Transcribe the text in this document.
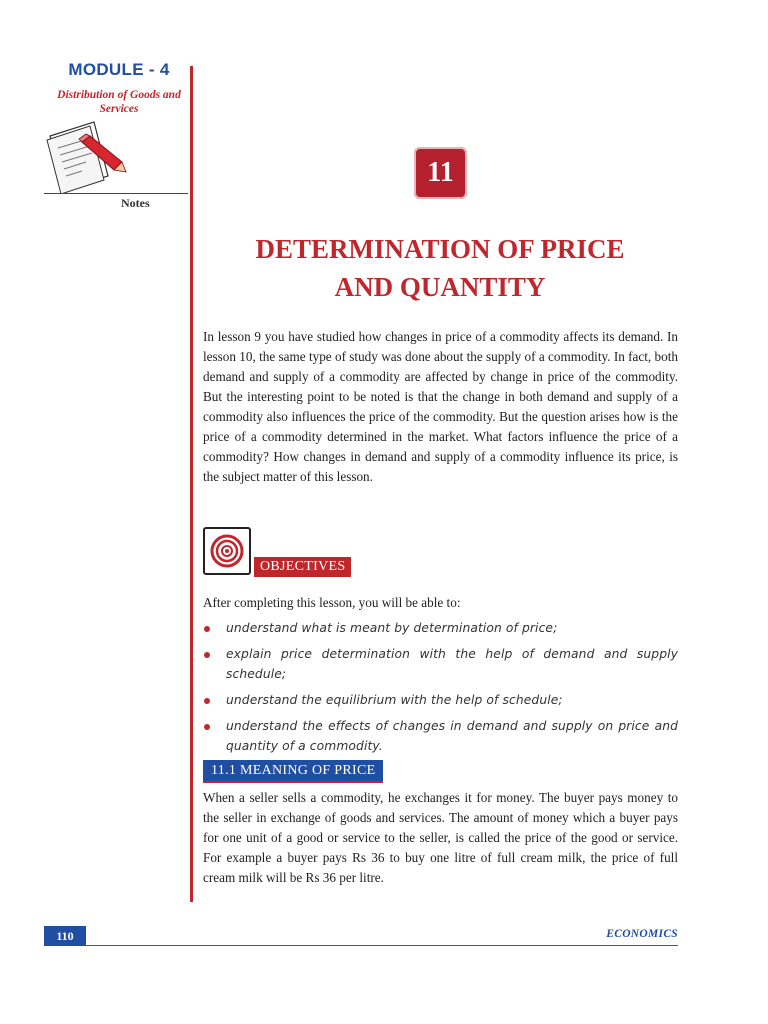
MODULE - 4
Distribution of Goods and
Services
Notes
11
DETERMINATION OF PRICE
AND QUANTITY
In lesson 9 you have studied how changes in price of a commodity affects its demand. In lesson 10, the same type of study was done about the supply of a commodity. In fact, both demand and supply of a commodity are affected by change in price of the commodity. But the interesting point to be noted is that the change in both demand and supply of a commodity also influences the price of the commodity. But the question arises how is the price of a commodity determined in the market. What factors influence the price of a commodity? How changes in demand and supply of a commodity influence its price, is the subject matter of this lesson.
OBJECTIVES
After completing this lesson, you will be able to:
understand what is meant by determination of price;
explain price determination with the help of demand and supply schedule;
understand the equilibrium with the help of schedule;
understand the effects of changes in demand and supply on price and quantity of a commodity.
11.1 MEANING OF PRICE
When a seller sells a commodity, he exchanges it for money. The buyer pays money to the seller in exchange of goods and services. The amount of money which a buyer pays for one unit of a good or service to the seller, is called the price of the good or service. For example a buyer pays Rs 36 to buy one litre of full cream milk, the price of full cream milk will be Rs 36 per litre.
110	ECONOMICS
